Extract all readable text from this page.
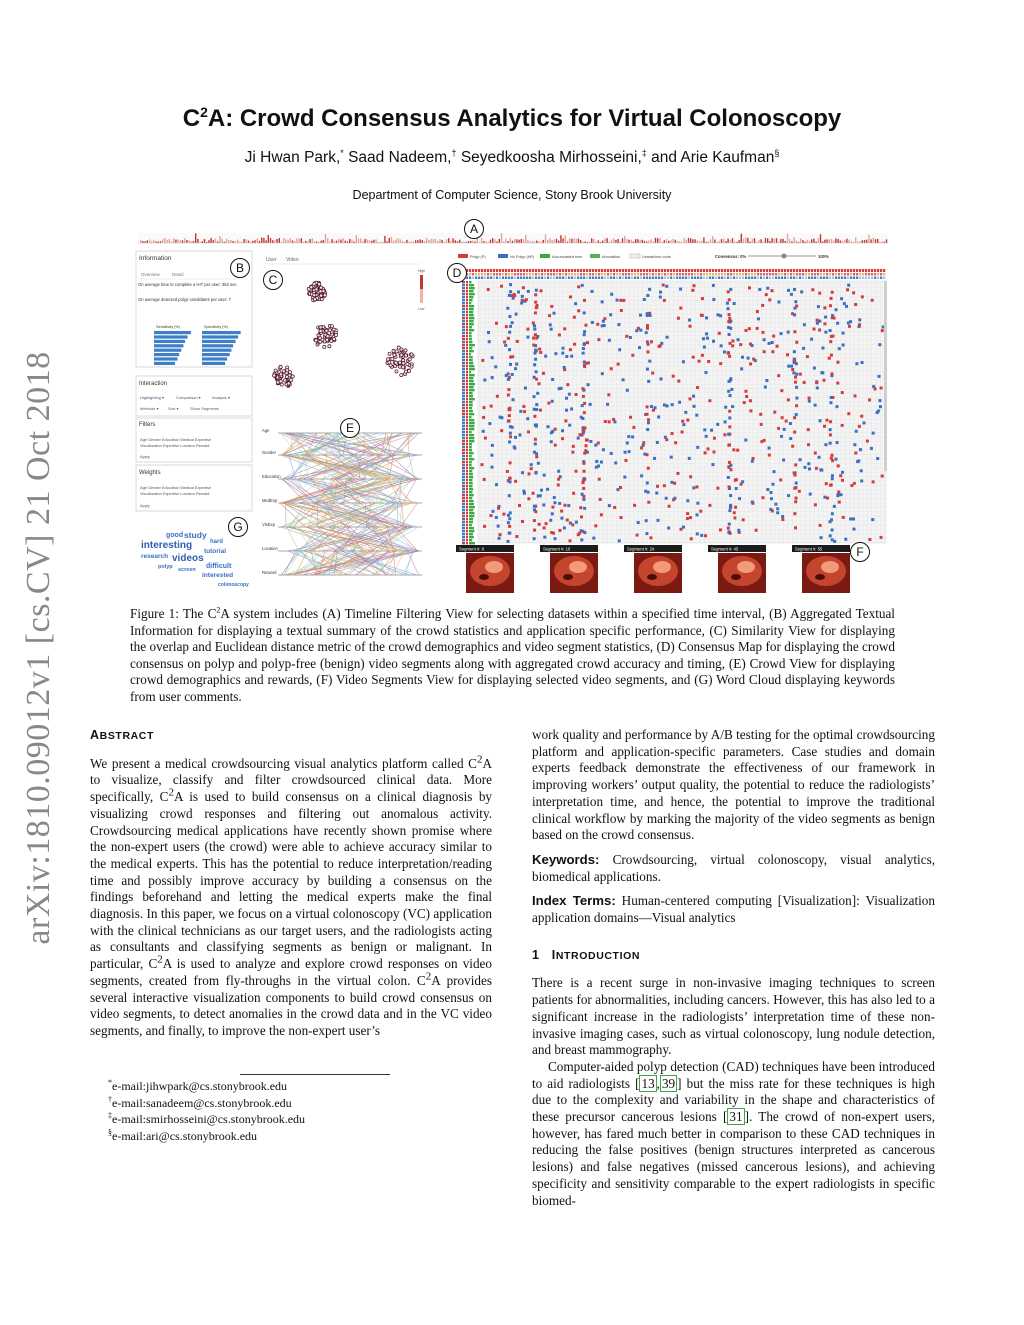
arXiv:1810.09012v1 [cs.CV] 21 Oct 2018
$C^2A$: Crowd Consensus Analytics for Virtual Colonoscopy
Ji Hwan Park,* Saad Nadeem,† Seyedkoosha Mirhosseini,‡ and Arie Kaufman§
Department of Computer Science, Stony Brook University
Information
Overview	Detail
On average time to complete a HIT per user: 352 sec
On average detected polyp candidates per user: 7
Sensitivity (%)	Specificity (%)
Interaction
Highlighting ▾	Comparison ▾	Analysis ▾
Methods ▾ Sort ▾	Show Segments
Filters
Age Gender Education Medical Expertise
Visualization Expertise Location Reward
Apply
Weights
Age Gender Education Medical Expertise
Visualization Expertise Location Reward
Apply
good study
hard
interesting
tutorial
research videos
polyp screen difficult
interested
colonoscopy
User Video
High
Low
Age
Gender
Education
MedExp
VisExp
Location
Reward
Polyp (P)	No Polyp (NP)	Accumulated time	Annotation	Unmatched code	Consensus: 0%	100%
Segment #: 8	Segment #: 16	Segment #: 24	Segment #: 45	Segment #: 55
A
B
C	D
E
F
G
Figure 1: The $C^2A$ system includes (A) Timeline Filtering View for selecting datasets within a specified time interval, (B) Aggregated Textual Information for displaying a textual summary of the crowd statistics and application specific performance, (C) Similarity View for displaying the overlap and Euclidean distance metric of the crowd demographics and video segment statistics, (D) Consensus Map for displaying the crowd consensus on polyp and polyp-free (benign) video segments along with aggregated crowd accuracy and timing, (E) Crowd View for displaying crowd demographics and rewards, (F) Video Segments View for displaying selected video segments, and (G) Word Cloud displaying keywords from user comments.
ABSTRACT

We present a medical crowdsourcing visual analytics platform called $C^2A$ to visualize, classify and filter crowdsourced clinical data. More specifically, $C^2A$ is used to build consensus on a clinical diagnosis by visualizing crowd responses and filtering out anomalous activity. Crowdsourcing medical applications have recently shown promise where the non-expert users (the crowd) were able to achieve accuracy similar to the medical experts. This has the potential to reduce interpretation/reading time and possibly improve accuracy by building a consensus on the findings beforehand and letting the medical experts make the final diagnosis. In this paper, we focus on a virtual colonoscopy (VC) application with the clinical technicians as our target users, and the radiologists acting as consultants and classifying segments as benign or malignant. In particular, $C^2A$ is used to analyze and explore crowd responses on video segments, created from fly-throughs in the virtual colon. $C^2A$ provides several interactive visualization components to build crowd consensus on video segments, to detect anomalies in the crowd data and in the VC video segments, and finally, to improve the non-expert user’s

*e-mail:jihwpark@cs.stonybrook.edu
†e-mail:sanadeem@cs.stonybrook.edu
‡e-mail:smirhosseini@cs.stonybrook.edu
§e-mail:ari@cs.stonybrook.edu

work quality and performance by A/B testing for the optimal crowdsourcing platform and application-specific parameters. Case studies and domain experts feedback demonstrate the effectiveness of our framework in improving workers’ output quality, the potential to reduce the radiologists’ interpretation time, and hence, the potential to improve the traditional clinical workflow by marking the majority of the video segments as benign based on the crowd consensus.

Keywords: Crowdsourcing, virtual colonoscopy, visual analytics, biomedical applications.

Index Terms: Human-centered computing [Visualization]: Visualization application domains—Visual analytics

1 INTRODUCTION

There is a recent surge in non-invasive imaging techniques to screen patients for abnormalities, including cancers. However, this has also led to a significant increase in the radiologists’ interpretation time of these non-invasive imaging cases, such as virtual colonoscopy, lung nodule detection, and breast mammography.

Computer-aided polyp detection (CAD) techniques have been introduced to aid radiologists [ 13 , 39 ] but the miss rate for these techniques is high due to the complexity and variability in the shape and characteristics of these precursor cancerous lesions [ 31 ]. The crowd of non-expert users, however, has fared much better in comparison to these CAD techniques in reducing the false positives (benign structures interpreted as cancerous lesions) and false negatives (missed cancerous lesions), and achieving specificity and sensitivity comparable to the expert radiologists in specific biomed-
